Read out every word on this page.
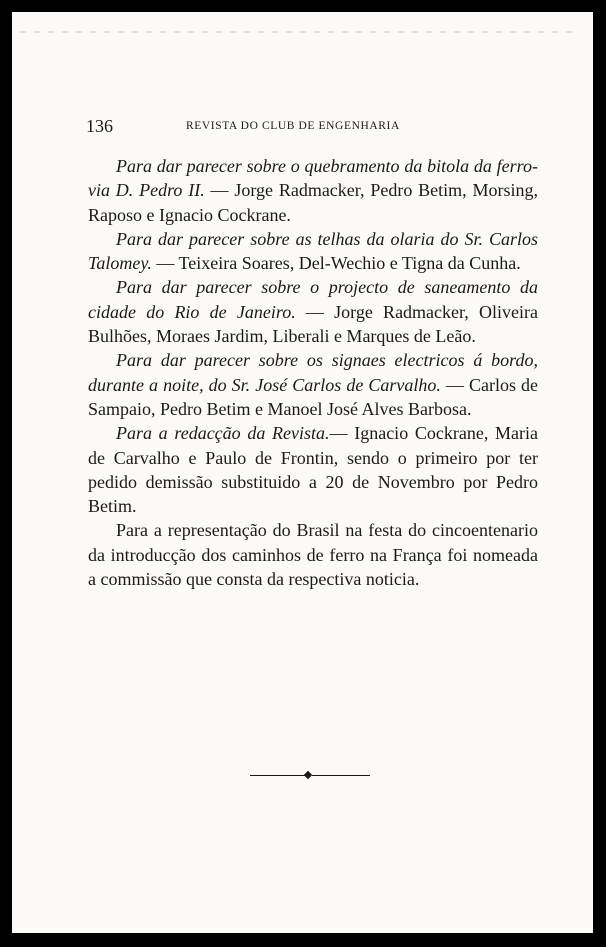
136	REVISTA DO CLUB DE ENGENHARIA

Para dar parecer sobre o quebramento da bitola da ferrovia D. Pedro II. — Jorge Radmacker, Pedro Betim, Morsing, Raposo e Ignacio Cockrane.

Para dar parecer sobre as telhas da olaria do Sr. Carlos Talomey. — Teixeira Soares, Del-Wechio e Tigna da Cunha.

Para dar parecer sobre o projecto de saneamento da cidade do Rio de Janeiro. — Jorge Radmacker, Oliveira Bulhões, Moraes Jardim, Liberali e Marques de Leão.

Para dar parecer sobre os signaes electricos á bordo, durante a noite, do Sr. José Carlos de Carvalho. — Carlos de Sampaio, Pedro Betim e Manoel José Alves Barbosa.

Para a redacção da Revista.— Ignacio Cockrane, Maria de Carvalho e Paulo de Frontin, sendo o primeiro por ter pedido demissão substituido a 20 de Novembro por Pedro Betim.

Para a representação do Brasil na festa do cincoentenario da introducção dos caminhos de ferro na França foi nomeada a commissão que consta da respectiva noticia.
